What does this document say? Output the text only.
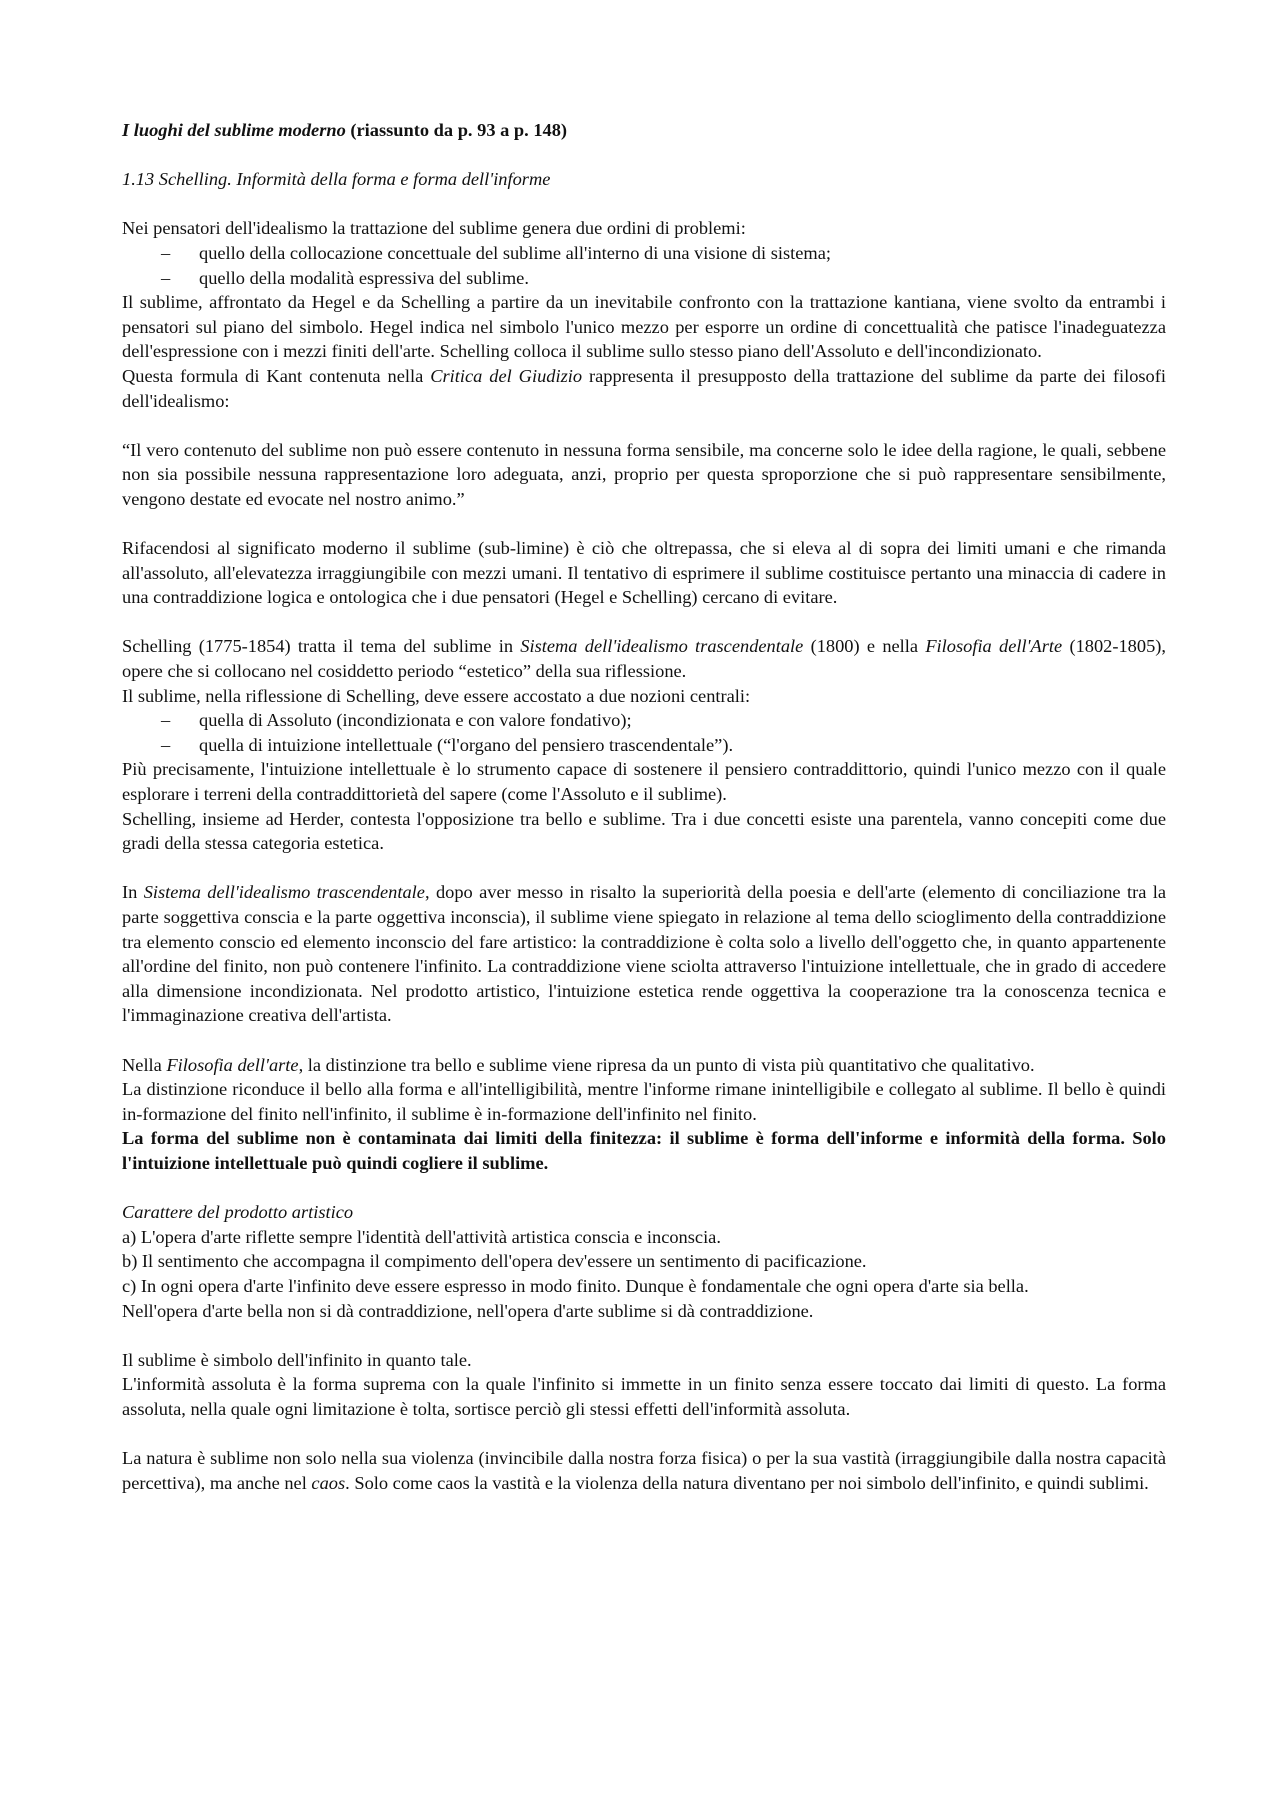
I luoghi del sublime moderno (riassunto da p. 93 a p. 148)

1.13 Schelling. Informità della forma e forma dell'informe

Nei pensatori dell'idealismo la trattazione del sublime genera due ordini di problemi:

– quello della collocazione concettuale del sublime all'interno di una visione di sistema;
– quello della modalità espressiva del sublime.

Il sublime, affrontato da Hegel e da Schelling a partire da un inevitabile confronto con la trattazione kantiana, viene svolto da entrambi i pensatori sul piano del simbolo. Hegel indica nel simbolo l'unico mezzo per esporre un ordine di concettualità che patisce l'inadeguatezza dell'espressione con i mezzi finiti dell'arte. Schelling colloca il sublime sullo stesso piano dell'Assoluto e dell'incondizionato.

Questa formula di Kant contenuta nella Critica del Giudizio rappresenta il presupposto della trattazione del sublime da parte dei filosofi dell'idealismo:

“Il vero contenuto del sublime non può essere contenuto in nessuna forma sensibile, ma concerne solo le idee della ragione, le quali, sebbene non sia possibile nessuna rappresentazione loro adeguata, anzi, proprio per questa sproporzione che si può rappresentare sensibilmente, vengono destate ed evocate nel nostro animo.”

Rifacendosi al significato moderno il sublime (sub-limine) è ciò che oltrepassa, che si eleva al di sopra dei limiti umani e che rimanda all'assoluto, all'elevatezza irraggiungibile con mezzi umani. Il tentativo di esprimere il sublime costituisce pertanto una minaccia di cadere in una contraddizione logica e ontologica che i due pensatori (Hegel e Schelling) cercano di evitare.

Schelling (1775-1854) tratta il tema del sublime in Sistema dell'idealismo trascendentale (1800) e nella Filosofia dell'Arte (1802-1805), opere che si collocano nel cosiddetto periodo “estetico” della sua riflessione.

Il sublime, nella riflessione di Schelling, deve essere accostato a due nozioni centrali:

– quella di Assoluto (incondizionata e con valore fondativo);
– quella di intuizione intellettuale (“l'organo del pensiero trascendentale”).

Più precisamente, l'intuizione intellettuale è lo strumento capace di sostenere il pensiero contraddittorio, quindi l'unico mezzo con il quale esplorare i terreni della contraddittorietà del sapere (come l'Assoluto e il sublime).

Schelling, insieme ad Herder, contesta l'opposizione tra bello e sublime. Tra i due concetti esiste una parentela, vanno concepiti come due gradi della stessa categoria estetica.

In Sistema dell'idealismo trascendentale, dopo aver messo in risalto la superiorità della poesia e dell'arte (elemento di conciliazione tra la parte soggettiva conscia e la parte oggettiva inconscia), il sublime viene spiegato in relazione al tema dello scioglimento della contraddizione tra elemento conscio ed elemento inconscio del fare artistico: la contraddizione è colta solo a livello dell'oggetto che, in quanto appartenente all'ordine del finito, non può contenere l'infinito. La contraddizione viene sciolta attraverso l'intuizione intellettuale, che in grado di accedere alla dimensione incondizionata. Nel prodotto artistico, l'intuizione estetica rende oggettiva la cooperazione tra la conoscenza tecnica e l'immaginazione creativa dell'artista.

Nella Filosofia dell'arte, la distinzione tra bello e sublime viene ripresa da un punto di vista più quantitativo che qualitativo.

La distinzione riconduce il bello alla forma e all'intelligibilità, mentre l'informe rimane inintelligibile e collegato al sublime. Il bello è quindi in-formazione del finito nell'infinito, il sublime è in-formazione dell'infinito nel finito.

La forma del sublime non è contaminata dai limiti della finitezza: il sublime è forma dell'informe e informità della forma. Solo l'intuizione intellettuale può quindi cogliere il sublime.

Carattere del prodotto artistico

a) L'opera d'arte riflette sempre l'identità dell'attività artistica conscia e inconscia.

b) Il sentimento che accompagna il compimento dell'opera dev'essere un sentimento di pacificazione.

c) In ogni opera d'arte l'infinito deve essere espresso in modo finito. Dunque è fondamentale che ogni opera d'arte sia bella.

Nell'opera d'arte bella non si dà contraddizione, nell'opera d'arte sublime si dà contraddizione.

Il sublime è simbolo dell'infinito in quanto tale.

L'informità assoluta è la forma suprema con la quale l'infinito si immette in un finito senza essere toccato dai limiti di questo. La forma assoluta, nella quale ogni limitazione è tolta, sortisce perciò gli stessi effetti dell'informità assoluta.

La natura è sublime non solo nella sua violenza (invincibile dalla nostra forza fisica) o per la sua vastità (irraggiungibile dalla nostra capacità percettiva), ma anche nel caos. Solo come caos la vastità e la violenza della natura diventano per noi simbolo dell'infinito, e quindi sublimi.
